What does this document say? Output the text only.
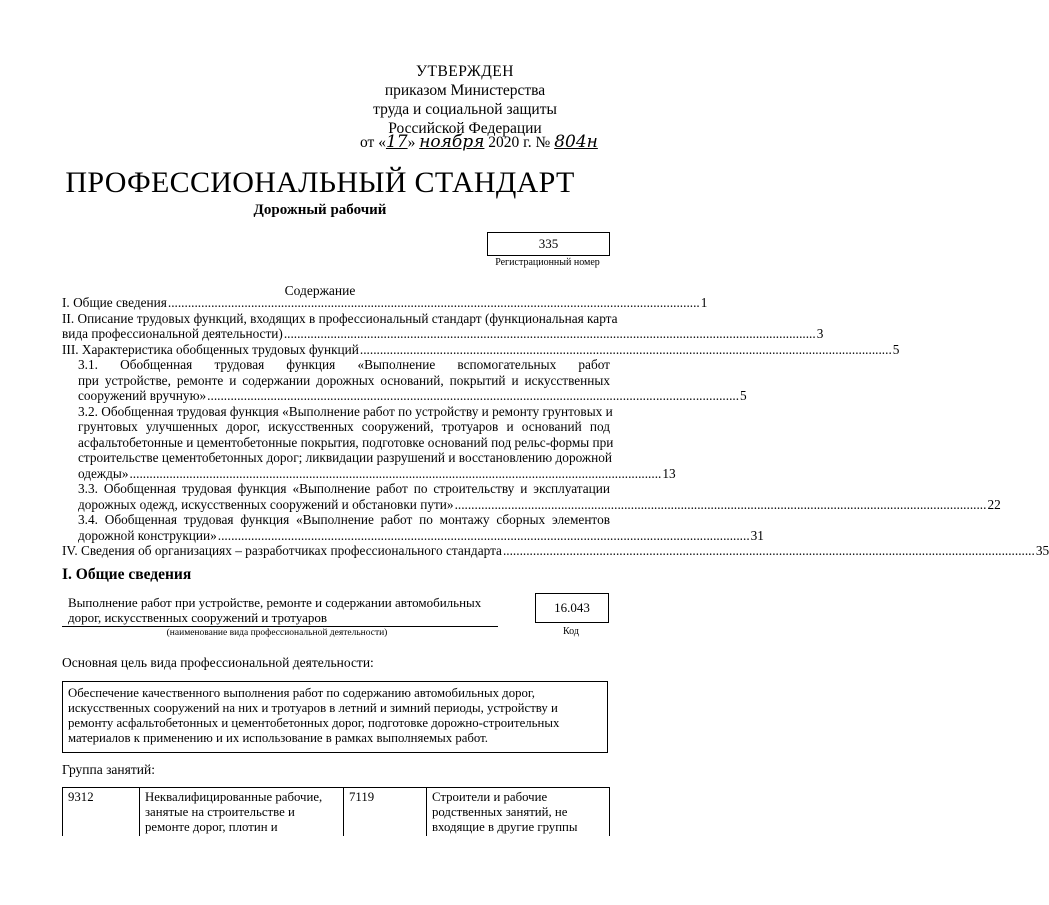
УТВЕРЖДЕН
приказом Министерства
труда и социальной защиты
Российской Федерации
от «17» ноября 2020 г. № 804н
ПРОФЕССИОНАЛЬНЫЙ СТАНДАРТ
Дорожный рабочий
335
Регистрационный номер
Содержание
I. Общие сведения ................................................................................................................................................................ 1
II. Описание трудовых функций, входящих в профессиональный стандарт (функциональная карта
вида профессиональной деятельности) ................................................................................................................................................................ 3
III. Характеристика обобщенных трудовых функций ................................................................................................................................................................ 5
3.1. Обобщенная трудовая функция «Выполнение вспомогательных работ
при устройстве, ремонте и содержании дорожных оснований, покрытий и искусственных
сооружений вручную» ................................................................................................................................................................ 5
3.2. Обобщенная трудовая функция «Выполнение работ по устройству и ремонту грунтовых и
грунтовых улучшенных дорог, искусственных сооружений, тротуаров и оснований под
асфальтобетонные и цементобетонные покрытия, подготовке оснований под рельс-формы при
строительстве цементобетонных дорог; ликвидации разрушений и восстановлению дорожной
одежды» ................................................................................................................................................................ 13
3.3. Обобщенная трудовая функция «Выполнение работ по строительству и эксплуатации
дорожных одежд, искусственных сооружений и обстановки пути» ................................................................................................................................................................ 22
3.4. Обобщенная трудовая функция «Выполнение работ по монтажу сборных элементов
дорожной конструкции» ................................................................................................................................................................ 31
IV. Сведения об организациях – разработчиках профессионального стандарта ................................................................................................................................................................ 35
I. Общие сведения
Выполнение работ при устройстве, ремонте и содержании автомобильных
дорог, искусственных сооружений и тротуаров
(наименование вида профессиональной деятельности)
16.043
Код
Основная цель вида профессиональной деятельности:
Обеспечение качественного выполнения работ по содержанию автомобильных дорог,
искусственных сооружений на них и тротуаров в летний и зимний периоды, устройству и
ремонту асфальтобетонных и цементобетонных дорог, подготовке дорожно-строительных
материалов к применению и их использование в рамках выполняемых работ.
Группа занятий:
9312	Неквалифицированные рабочие,
занятые на строительстве и
ремонте дорог, плотин и
	7119	Строители и рабочие
родственных занятий, не
входящие в другие группы
